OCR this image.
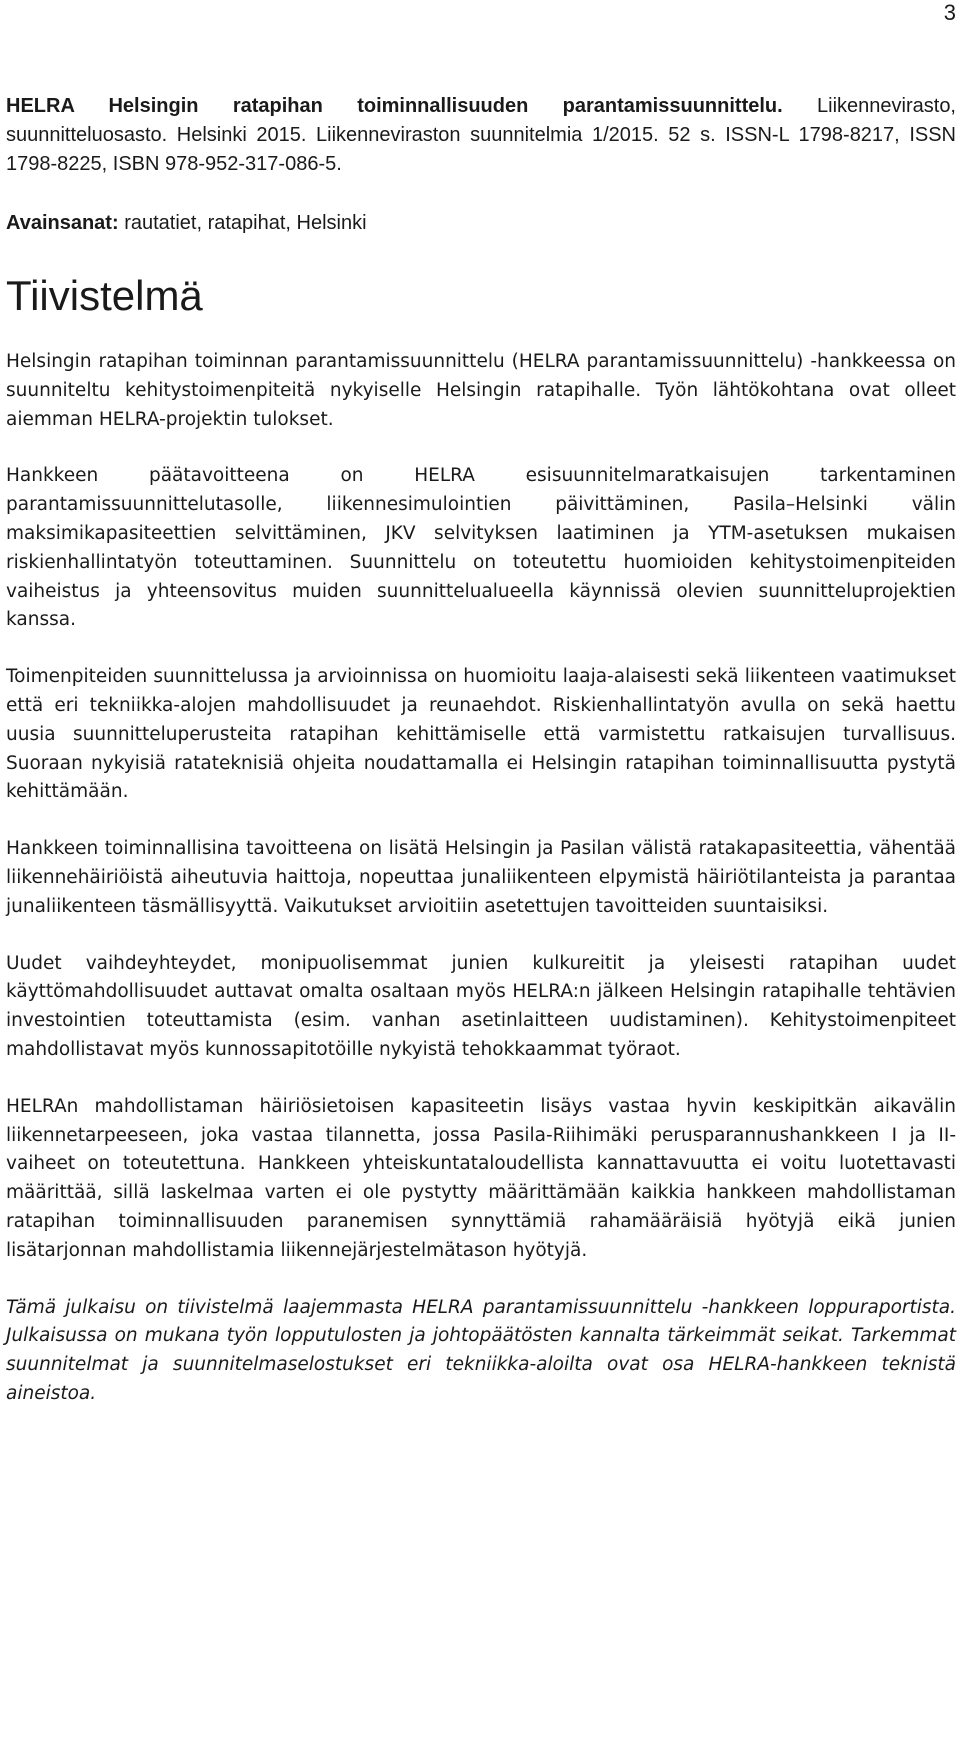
3

HELRA Helsingin ratapihan toiminnallisuuden parantamissuunnittelu. Liikennevirasto, suunnitteluosasto. Helsinki 2015. Liikenneviraston suunnitelmia 1/2015. 52 s. ISSN-L 1798-8217, ISSN 1798-8225, ISBN 978-952-317-086-5.

Avainsanat: rautatiet, ratapihat, Helsinki

Tiivistelmä

Helsingin ratapihan toiminnan parantamissuunnittelu (HELRA parantamissuunnittelu) -hankkeessa on suunniteltu kehitystoimenpiteitä nykyiselle Helsingin ratapihalle. Työn lähtökohtana ovat olleet aiemman HELRA-projektin tulokset.

Hankkeen päätavoitteena on HELRA esisuunnitelmaratkaisujen tarkentaminen parantamissuunnittelutasolle, liikennesimulointien päivittäminen, Pasila–Helsinki välin maksimikapasiteettien selvittäminen, JKV selvityksen laatiminen ja YTM-asetuksen mukaisen riskienhallintatyön toteuttaminen. Suunnittelu on toteutettu huomioiden kehitystoimenpiteiden vaiheistus ja yhteensovitus muiden suunnittelualueella käynnissä olevien suunnitteluprojektien kanssa.

Toimenpiteiden suunnittelussa ja arvioinnissa on huomioitu laaja-alaisesti sekä liikenteen vaatimukset että eri tekniikka-alojen mahdollisuudet ja reunaehdot. Riskienhallintatyön avulla on sekä haettu uusia suunnitteluperusteita ratapihan kehittämiselle että varmistettu ratkaisujen turvallisuus. Suoraan nykyisiä ratateknisiä ohjeita noudattamalla ei Helsingin ratapihan toiminnallisuutta pystytä kehittämään.

Hankkeen toiminnallisina tavoitteena on lisätä Helsingin ja Pasilan välistä ratakapasiteettia, vähentää liikennehäiriöistä aiheutuvia haittoja, nopeuttaa junaliikenteen elpymistä häiriötilanteista ja parantaa junaliikenteen täsmällisyyttä. Vaikutukset arvioitiin asetettujen tavoitteiden suuntaisiksi.

Uudet vaihdeyhteydet, monipuolisemmat junien kulkureitit ja yleisesti ratapihan uudet käyttömahdollisuudet auttavat omalta osaltaan myös HELRA:n jälkeen Helsingin ratapihalle tehtävien investointien toteuttamista (esim. vanhan asetinlaitteen uudistaminen). Kehitystoimenpiteet mahdollistavat myös kunnossapitotöille nykyistä tehokkaammat työraot.

HELRAn mahdollistaman häiriösietoisen kapasiteetin lisäys vastaa hyvin keskipitkän aikavälin liikennetarpeeseen, joka vastaa tilannetta, jossa Pasila-Riihimäki perusparannushankkeen I ja II-vaiheet on toteutettuna. Hankkeen yhteiskuntataloudellista kannattavuutta ei voitu luotettavasti määrittää, sillä laskelmaa varten ei ole pystytty määrittämään kaikkia hankkeen mahdollistaman ratapihan toiminnallisuuden paranemisen synnyttämiä rahamääräisiä hyötyjä eikä junien lisätarjonnan mahdollistamia liikennejärjestelmätason hyötyjä.

Tämä julkaisu on tiivistelmä laajemmasta HELRA parantamissuunnittelu -hankkeen loppuraportista. Julkaisussa on mukana työn lopputulosten ja johtopäätösten kannalta tärkeimmät seikat. Tarkemmat suunnitelmat ja suunnitelmaselostukset eri tekniikka-aloilta ovat osa HELRA-hankkeen teknistä aineistoa.
